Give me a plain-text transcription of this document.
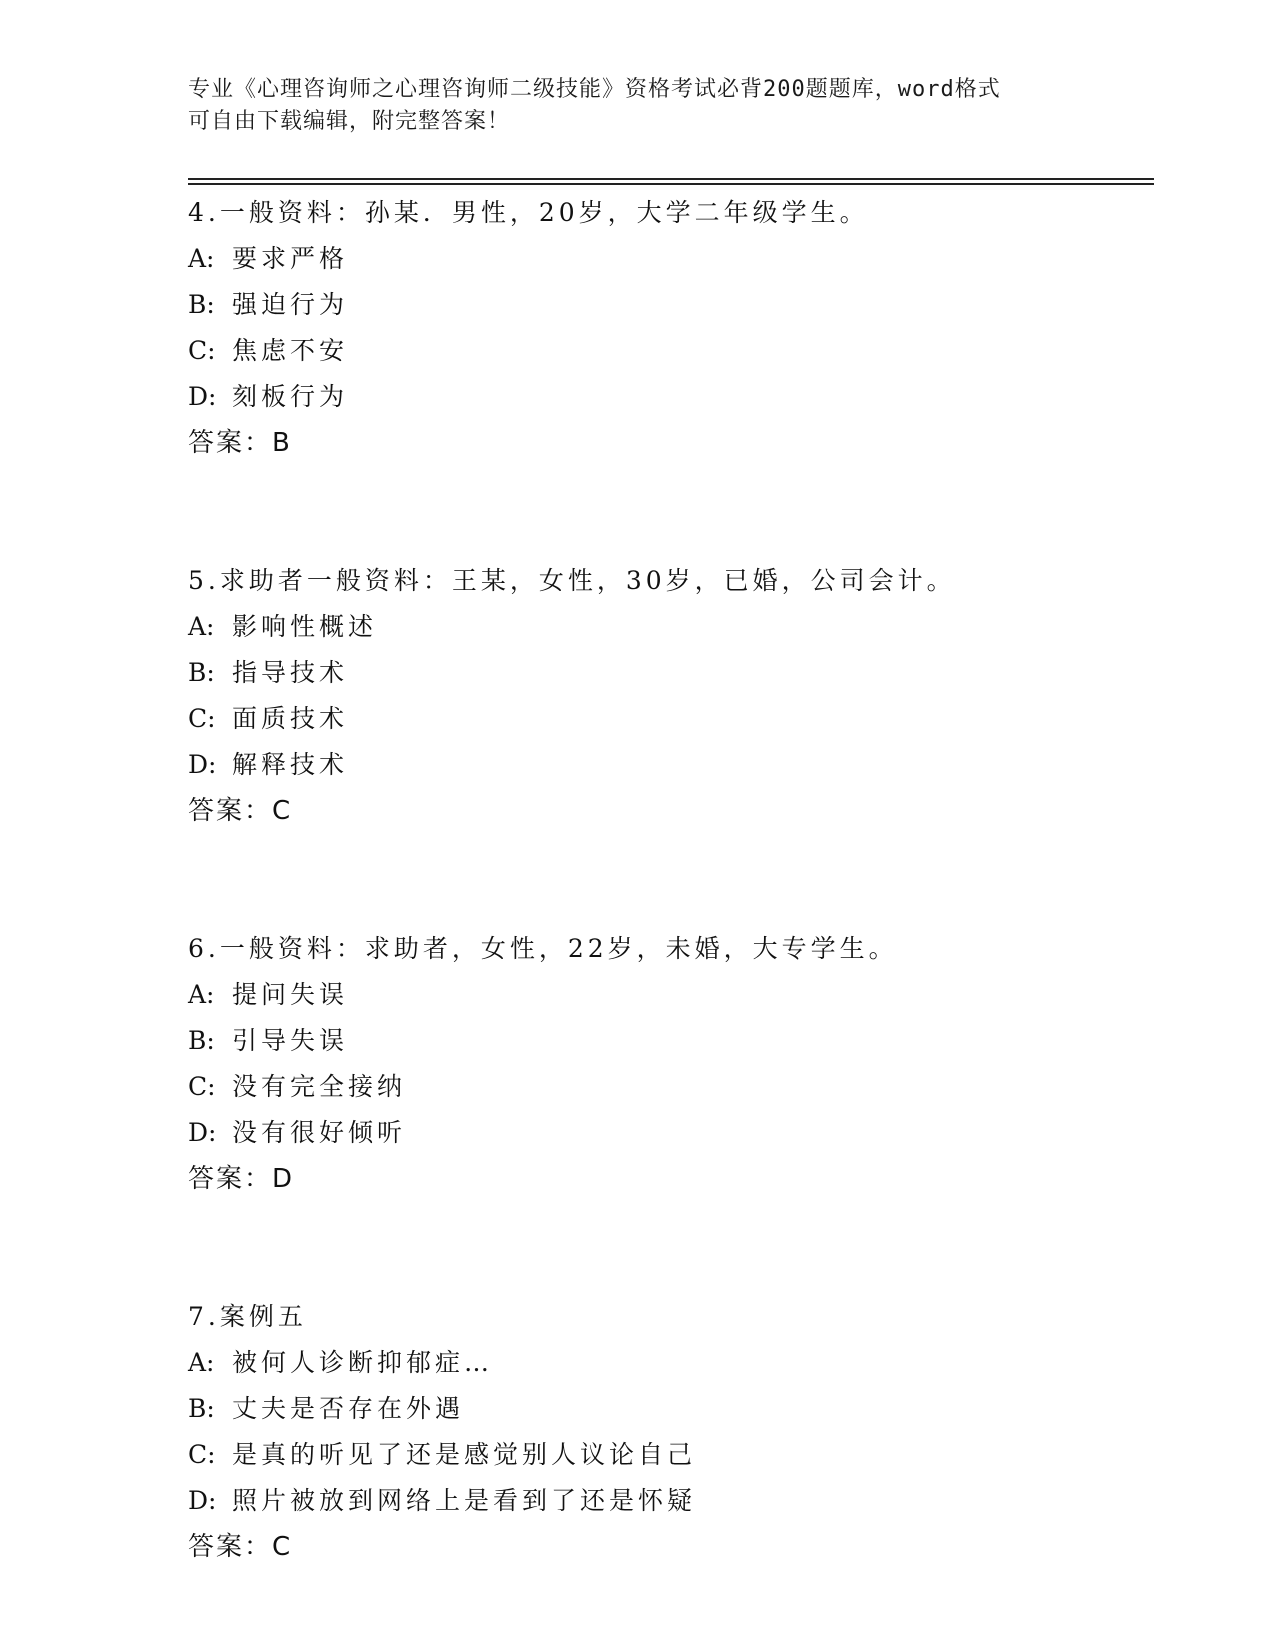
专业《心理咨询师之心理咨询师二级技能》资格考试必背200题题库，word格式
可自由下载编辑，附完整答案！
4.一般资料：孙某．男性，20岁，大学二年级学生。
A: 要求严格
B: 强迫行为
C: 焦虑不安
D: 刻板行为
答案：B
5.求助者一般资料：王某，女性，30岁，已婚，公司会计。
A: 影响性概述
B: 指导技术
C: 面质技术
D: 解释技术
答案：C
6.一般资料：求助者，女性，22岁，未婚，大专学生。
A: 提问失误
B: 引导失误
C: 没有完全接纳
D: 没有很好倾听
答案：D
7.案例五
A: 被何人诊断抑郁症…
B: 丈夫是否存在外遇
C: 是真的听见了还是感觉别人议论自己
D: 照片被放到网络上是看到了还是怀疑
答案：C
